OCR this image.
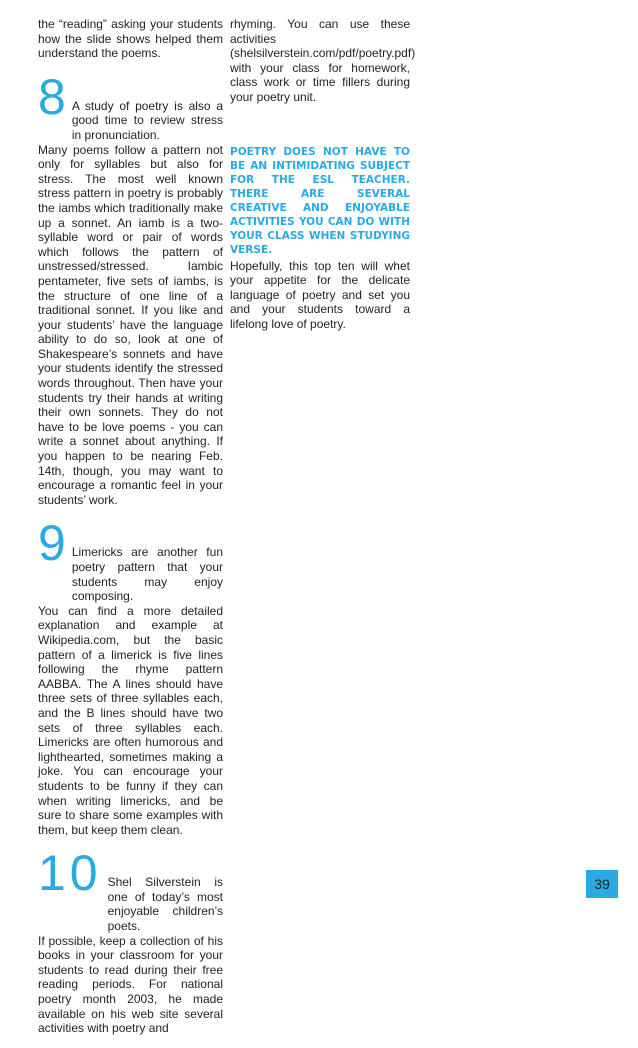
the “reading” asking your students how the slide shows helped them understand the poems.

8 A study of poetry is also a good time to review stress in pronunciation.

Many poems follow a pattern not only for syllables but also for stress. The most well known stress pattern in poetry is probably the iambs which traditionally make up a sonnet. An iamb is a two-syllable word or pair of words which follows the pattern of unstressed/stressed. Iambic pentameter, five sets of iambs, is the structure of one line of a traditional sonnet. If you like and your students’ have the language ability to do so, look at one of Shakespeare’s sonnets and have your students identify the stressed words throughout. Then have your students try their hands at writing their own sonnets. They do not have to be love poems - you can write a sonnet about anything. If you happen to be nearing Feb. 14th, though, you may want to encourage a romantic feel in your students’ work.

9 Limericks are another fun poetry pattern that your students may enjoy composing.

You can find a more detailed explanation and example at Wikipedia.com, but the basic pattern of a limerick is five lines following the rhyme pattern AABBA. The A lines should have three sets of three syllables each, and the B lines should have two sets of three syllables each. Limericks are often humorous and lighthearted, sometimes making a joke. You can encourage your students to be funny if they can when writing limericks, and be sure to share some examples with them, but keep them clean.

10 Shel Silverstein is one of today’s most enjoyable children’s poets.

If possible, keep a collection of his books in your classroom for your students to read during their free reading periods. For national poetry month 2003, he made available on his web site several activities with poetry and

rhyming. You can use these activities (shelsilverstein.com/pdf/poetry.pdf) with your class for homework, class work or time fillers during your poetry unit.

POETRY DOES NOT HAVE TO BE AN INTIMIDATING SUBJECT FOR THE ESL TEACHER. THERE ARE SEVERAL CREATIVE AND ENJOYABLE ACTIVITIES YOU CAN DO WITH YOUR CLASS WHEN STUDYING VERSE.

Hopefully, this top ten will whet your appetite for the delicate language of poetry and set you and your students toward a lifelong love of poetry.

39
